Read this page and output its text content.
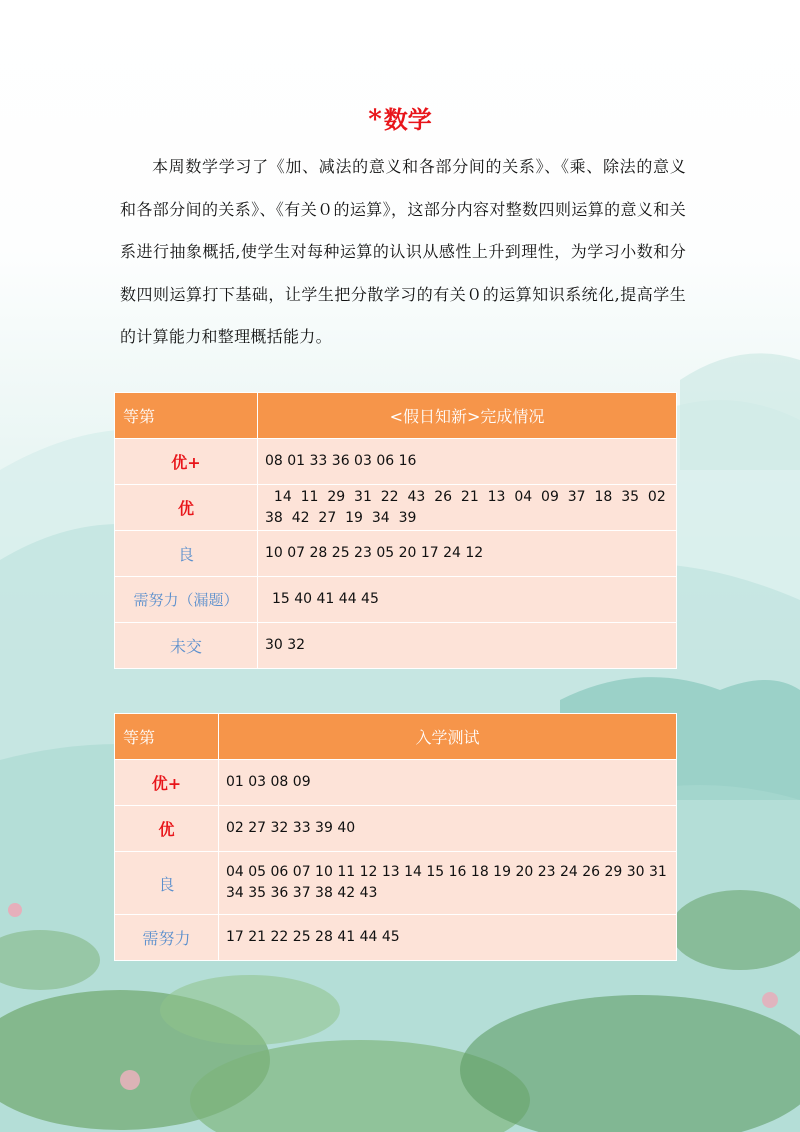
*数学
本周数学学习了《加、减法的意义和各部分间的关系》、《乘、除法的意义和各部分间的关系》、《有关０的运算》，这部分内容对整数四则运算的意义和关系进行抽象概括,使学生对每种运算的认识从感性上升到理性，为学习小数和分数四则运算打下基础，让学生把分散学习的有关０的运算知识系统化,提高学生的计算能力和整理概括能力。
等第	<假日知新>完成情况
优+	08 01 33 36 03 06 16
优	14  11  29  31  22  43  26  21  13  04  09  37  18  35  02  38  42  27  19  34  39
良	10 07 28 25 23 05 20 17 24 12
需努力（漏题）	15 40 41 44 45
未交	30 32
等第	入学测试
优+	01 03 08 09
优	02 27 32 33 39 40
良	04 05 06 07 10 11 12 13 14 15 16 18 19 20 23 24 26 29 30 31 34 35 36 37 38 42 43
需努力	17 21 22 25 28 41 44 45
